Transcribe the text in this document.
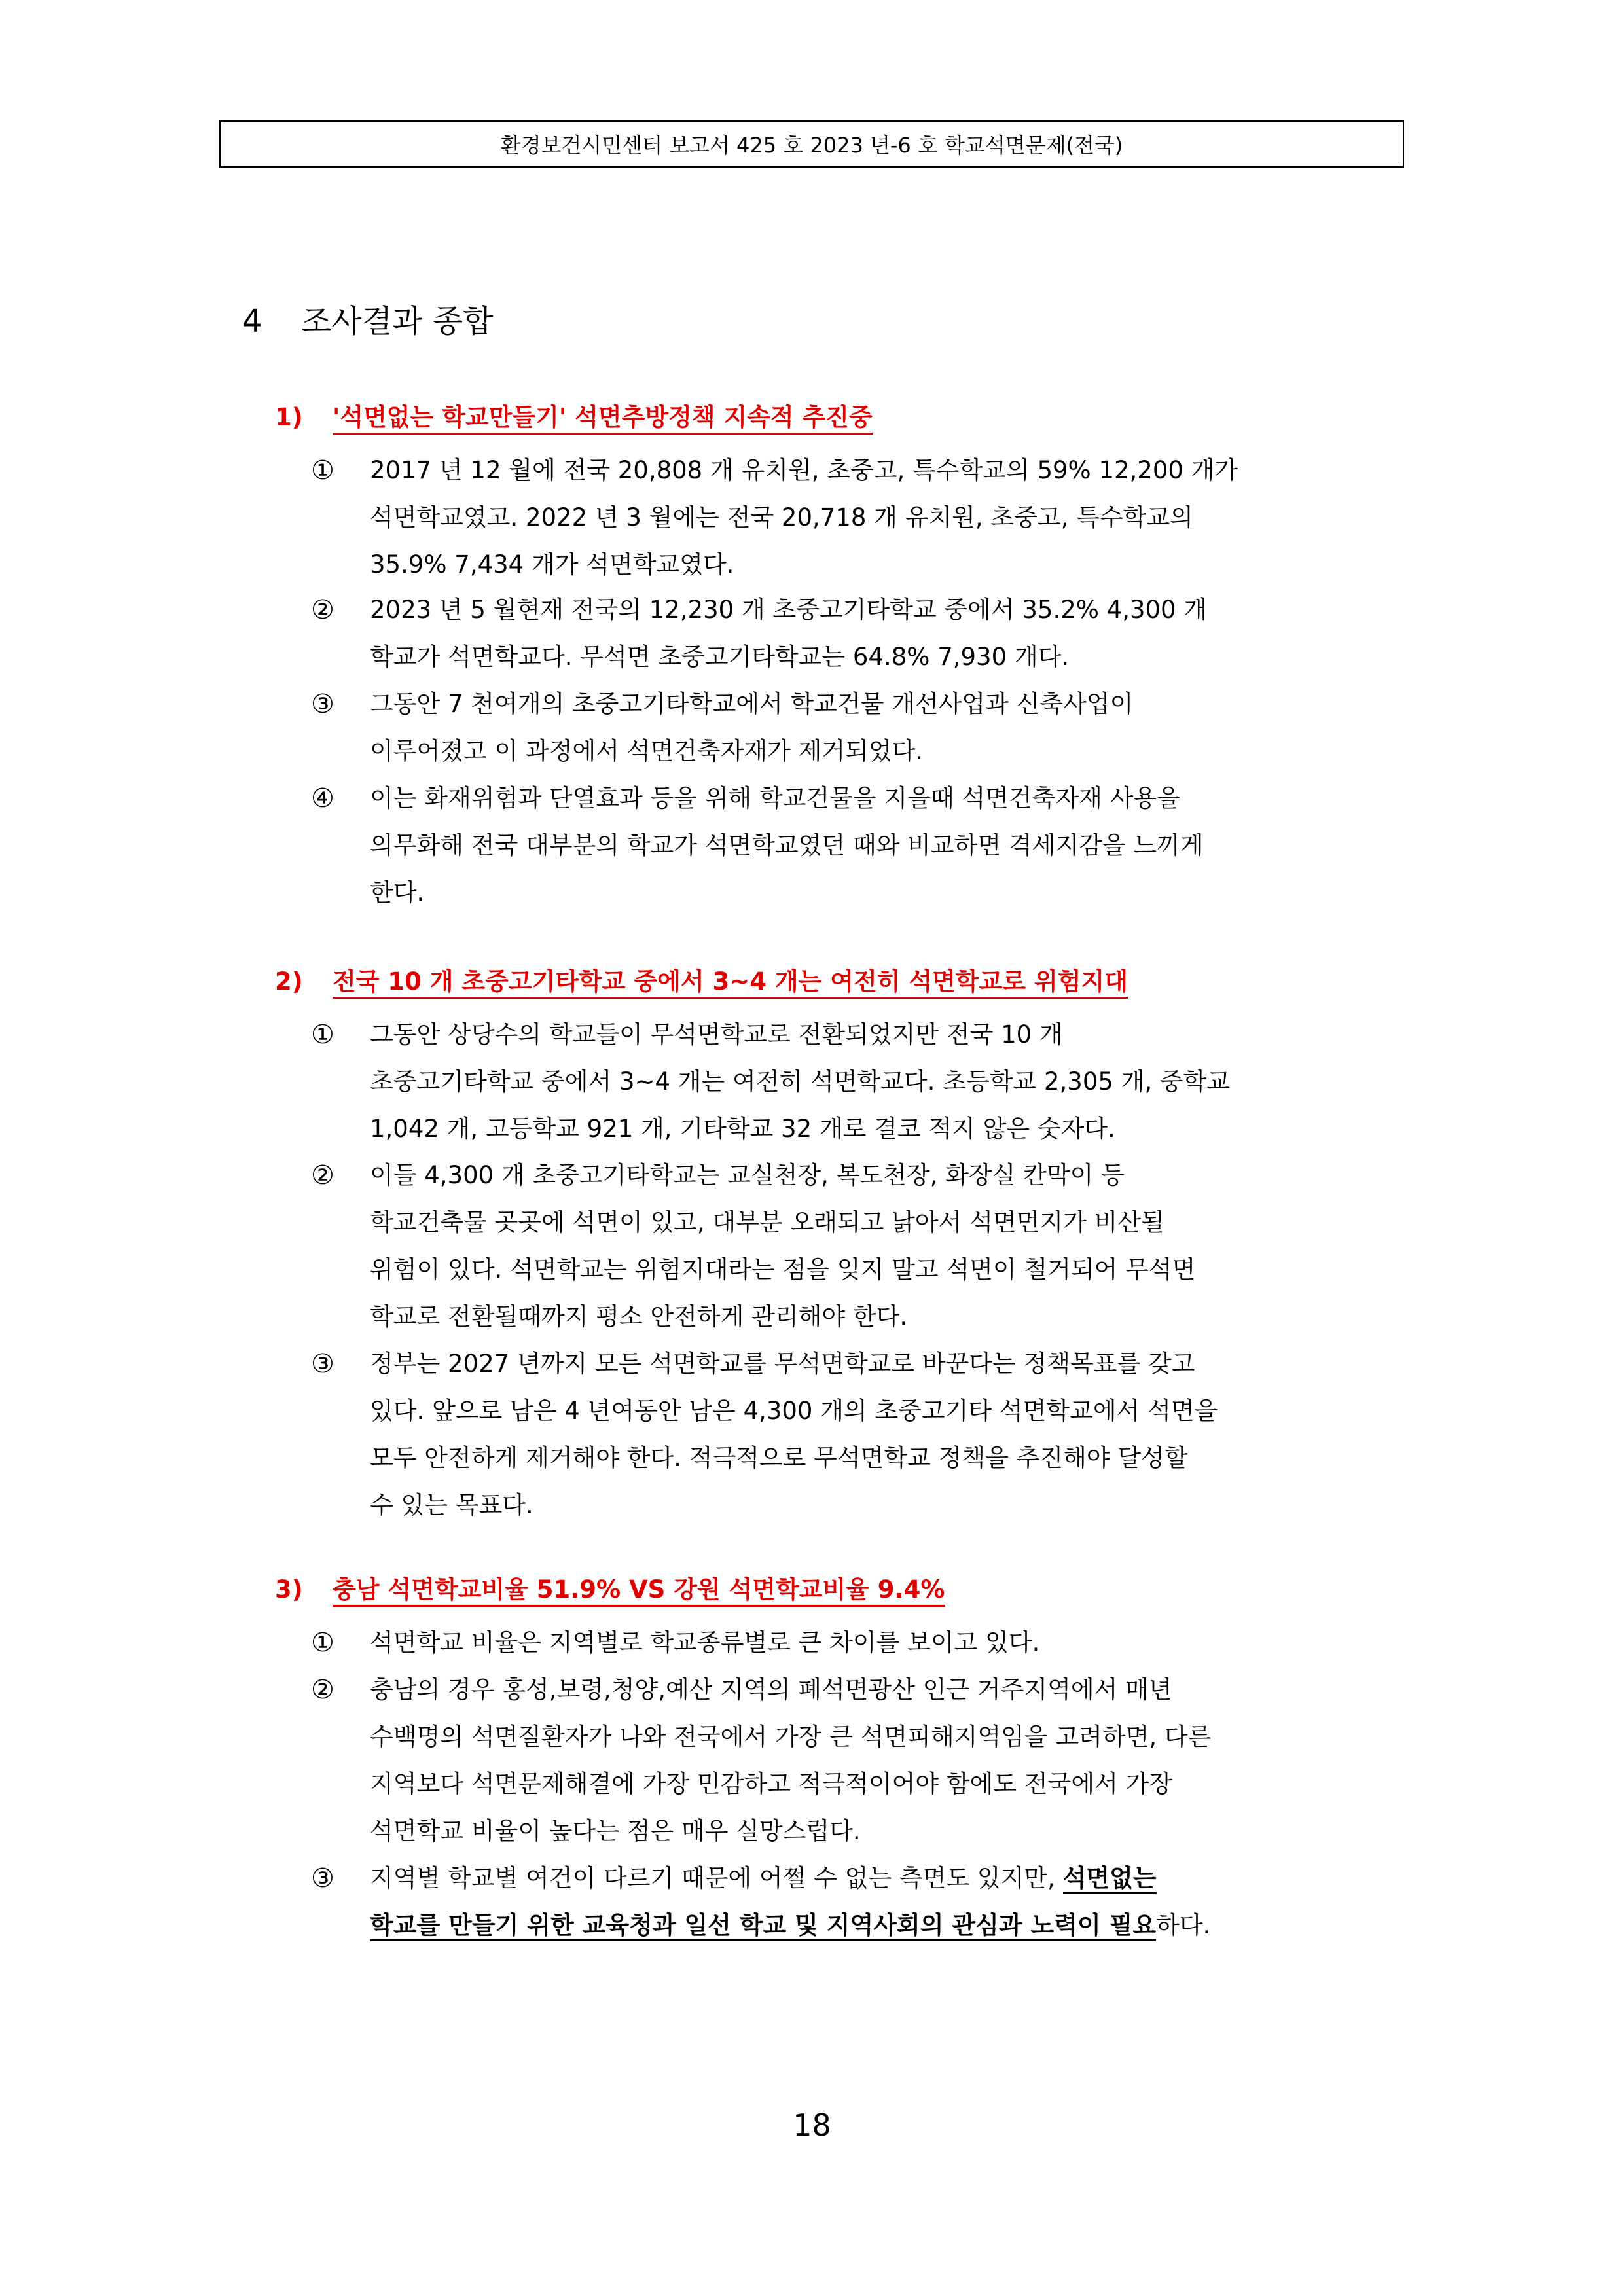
환경보건시민센터 보고서 425 호 2023 년-6 호 학교석면문제(전국)
4 조사결과 종합
1) '석면없는 학교만들기' 석면추방정책 지속적 추진중
①	2017 년 12 월에 전국 20,808 개 유치원, 초중고, 특수학교의 59% 12,200 개가
석면학교였고. 2022 년 3 월에는 전국 20,718 개 유치원, 초중고, 특수학교의
35.9% 7,434 개가 석면학교였다.
②	2023 년 5 월현재 전국의 12,230 개 초중고기타학교 중에서 35.2% 4,300 개
학교가 석면학교다. 무석면 초중고기타학교는 64.8% 7,930 개다.
③	그동안 7 천여개의 초중고기타학교에서 학교건물 개선사업과 신축사업이
이루어졌고 이 과정에서 석면건축자재가 제거되었다.
④	이는 화재위험과 단열효과 등을 위해 학교건물을 지을때 석면건축자재 사용을
의무화해 전국 대부분의 학교가 석면학교였던 때와 비교하면 격세지감을 느끼게
한다.
2) 전국 10 개 초중고기타학교 중에서 3~4 개는 여전히 석면학교로 위험지대
①	그동안 상당수의 학교들이 무석면학교로 전환되었지만 전국 10 개
초중고기타학교 중에서 3~4 개는 여전히 석면학교다. 초등학교 2,305 개, 중학교
1,042 개, 고등학교 921 개, 기타학교 32 개로 결코 적지 않은 숫자다.
②	이들 4,300 개 초중고기타학교는 교실천장, 복도천장, 화장실 칸막이 등
학교건축물 곳곳에 석면이 있고, 대부분 오래되고 낡아서 석면먼지가 비산될
위험이 있다. 석면학교는 위험지대라는 점을 잊지 말고 석면이 철거되어 무석면
학교로 전환될때까지 평소 안전하게 관리해야 한다.
③	정부는 2027 년까지 모든 석면학교를 무석면학교로 바꾼다는 정책목표를 갖고
있다. 앞으로 남은 4 년여동안 남은 4,300 개의 초중고기타 석면학교에서 석면을
모두 안전하게 제거해야 한다. 적극적으로 무석면학교 정책을 추진해야 달성할
수 있는 목표다.
3) 충남 석면학교비율 51.9% VS 강원 석면학교비율 9.4%
①	석면학교 비율은 지역별로 학교종류별로 큰 차이를 보이고 있다.
②	충남의 경우 홍성,보령,청양,예산 지역의 폐석면광산 인근 거주지역에서 매년
수백명의 석면질환자가 나와 전국에서 가장 큰 석면피해지역임을 고려하면, 다른
지역보다 석면문제해결에 가장 민감하고 적극적이어야 함에도 전국에서 가장
석면학교 비율이 높다는 점은 매우 실망스럽다.
③	지역별 학교별 여건이 다르기 때문에 어쩔 수 없는 측면도 있지만, 석면없는
학교를 만들기 위한 교육청과 일선 학교 및 지역사회의 관심과 노력이 필요하다.
18
